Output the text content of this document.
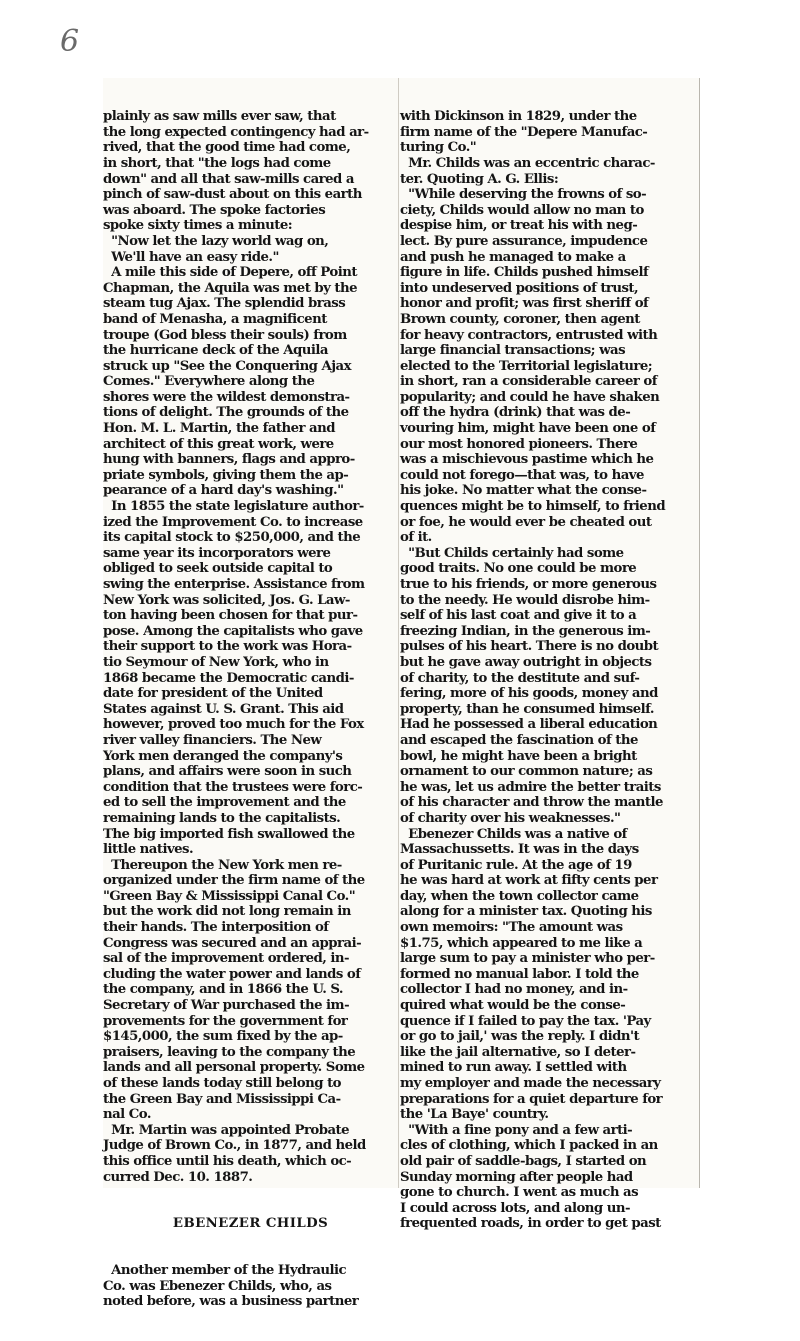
6

plainly as saw mills ever saw, that
the long expected contingency had ar-
rived, that the good time had come,
in short, that "the logs had come
down" and all that saw-mills cared a
pinch of saw-dust about on this earth
was aboard. The spoke factories
spoke sixty times a minute:
"Now let the lazy world wag on,
We'll have an easy ride."
A mile this side of Depere, off Point
Chapman, the Aquila was met by the
steam tug Ajax. The splendid brass
band of Menasha, a magnificent
troupe (God bless their souls) from
the hurricane deck of the Aquila
struck up "See the Conquering Ajax
Comes." Everywhere along the
shores were the wildest demonstra-
tions of delight. The grounds of the
Hon. M. L. Martin, the father and
architect of this great work, were
hung with banners, flags and appro-
priate symbols, giving them the ap-
pearance of a hard day's washing."
In 1855 the state legislature author-
ized the Improvement Co. to increase
its capital stock to $250,000, and the
same year its incorporators were
obliged to seek outside capital to
swing the enterprise. Assistance from
New York was solicited, Jos. G. Law-
ton having been chosen for that pur-
pose. Among the capitalists who gave
their support to the work was Hora-
tio Seymour of New York, who in
1868 became the Democratic candi-
date for president of the United
States against U. S. Grant. This aid
however, proved too much for the Fox
river valley financiers. The New
York men deranged the company's
plans, and affairs were soon in such
condition that the trustees were forc-
ed to sell the improvement and the
remaining lands to the capitalists.
The big imported fish swallowed the
little natives.
Thereupon the New York men re-
organized under the firm name of the
"Green Bay & Mississippi Canal Co."
but the work did not long remain in
their hands. The interposition of
Congress was secured and an apprai-
sal of the improvement ordered, in-
cluding the water power and lands of
the company, and in 1866 the U. S.
Secretary of War purchased the im-
provements for the government for
$145,000, the sum fixed by the ap-
praisers, leaving to the company the
lands and all personal property. Some
of these lands today still belong to
the Green Bay and Mississippi Ca-
nal Co.
Mr. Martin was appointed Probate
Judge of Brown Co., in 1877, and held
this office until his death, which oc-
curred Dec. 10. 1887.

EBENEZER CHILDS

Another member of the Hydraulic
Co. was Ebenezer Childs, who, as
noted before, was a business partner

with Dickinson in 1829, under the
firm name of the "Depere Manufac-
turing Co."
Mr. Childs was an eccentric charac-
ter. Quoting A. G. Ellis:
"While deserving the frowns of so-
ciety, Childs would allow no man to
despise him, or treat his with neg-
lect. By pure assurance, impudence
and push he managed to make a
figure in life. Childs pushed himself
into undeserved positions of trust,
honor and profit; was first sheriff of
Brown county, coroner, then agent
for heavy contractors, entrusted with
large financial transactions; was
elected to the Territorial legislature;
in short, ran a considerable career of
popularity; and could he have shaken
off the hydra (drink) that was de-
vouring him, might have been one of
our most honored pioneers. There
was a mischievous pastime which he
could not forego—that was, to have
his joke. No matter what the conse-
quences might be to himself, to friend
or foe, he would ever be cheated out
of it.
"But Childs certainly had some
good traits. No one could be more
true to his friends, or more generous
to the needy. He would disrobe him-
self of his last coat and give it to a
freezing Indian, in the generous im-
pulses of his heart. There is no doubt
but he gave away outright in objects
of charity, to the destitute and suf-
fering, more of his goods, money and
property, than he consumed himself.
Had he possessed a liberal education
and escaped the fascination of the
bowl, he might have been a bright
ornament to our common nature; as
he was, let us admire the better traits
of his character and throw the mantle
of charity over his weaknesses."
Ebenezer Childs was a native of
Massachussetts. It was in the days
of Puritanic rule. At the age of 19
he was hard at work at fifty cents per
day, when the town collector came
along for a minister tax. Quoting his
own memoirs: "The amount was
$1.75, which appeared to me like a
large sum to pay a minister who per-
formed no manual labor. I told the
collector I had no money, and in-
quired what would be the conse-
quence if I failed to pay the tax. 'Pay
or go to jail,' was the reply. I didn't
like the jail alternative, so I deter-
mined to run away. I settled with
my employer and made the necessary
preparations for a quiet departure for
the 'La Baye' country.
"With a fine pony and a few arti-
cles of clothing, which I packed in an
old pair of saddle-bags, I started on
Sunday morning after people had
gone to church. I went as much as
I could across lots, and along un-
frequented roads, in order to get past
